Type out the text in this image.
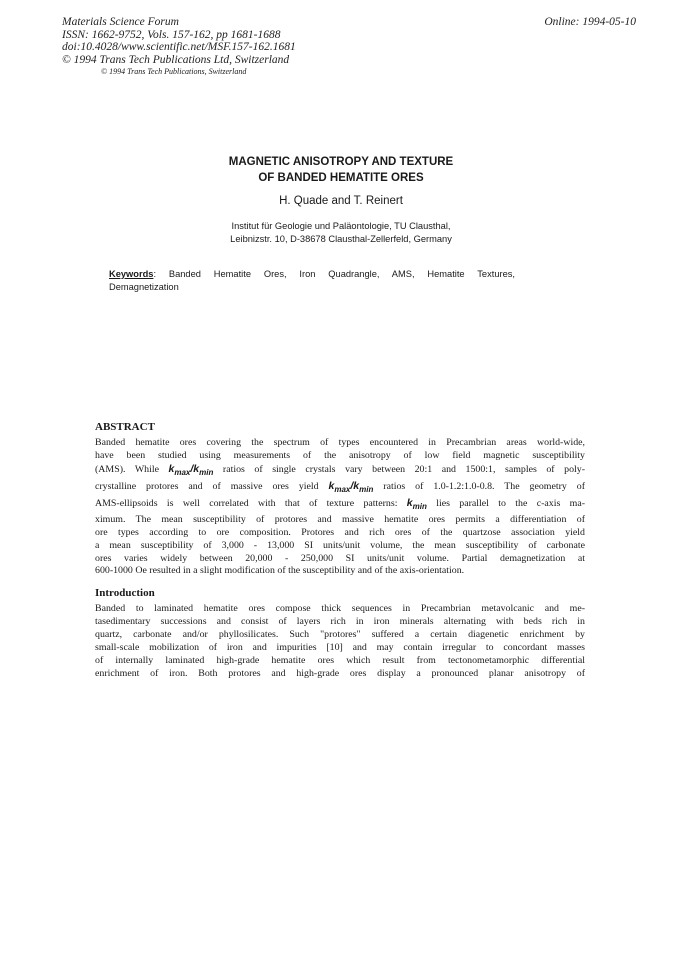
Materials Science Forum
ISSN: 1662-9752, Vols. 157-162, pp 1681-1688
doi:10.4028/www.scientific.net/MSF.157-162.1681
© 1994 Trans Tech Publications Ltd, Switzerland
Online: 1994-05-10
© 1994 Trans Tech Publications, Switzerland
MAGNETIC ANISOTROPY AND TEXTURE
OF BANDED HEMATITE ORES
H. Quade and T. Reinert
Institut für Geologie und Paläontologie, TU Clausthal,
Leibnizstr. 10, D-38678 Clausthal-Zellerfeld, Germany
Keywords: Banded Hematite Ores, Iron Quadrangle, AMS, Hematite Textures,
Demagnetization
ABSTRACT
Banded hematite ores covering the spectrum of types encountered in Precambrian areas world-wide,
have been studied using measurements of the anisotropy of low field magnetic susceptibility
(AMS). While $k_{max}/k_{min}$ ratios of single crystals vary between 20:1 and 1500:1, samples of poly-
crystalline protores and of massive ores yield $k_{max}/k_{min}$ ratios of 1.0-1.2:1.0-0.8. The geometry of
AMS-ellipsoids is well correlated with that of texture patterns: $k_{min}$ lies parallel to the c-axis ma-
ximum. The mean susceptibility of protores and massive hematite ores permits a differentiation of
ore types according to ore composition. Protores and rich ores of the quartzose association yield
a mean susceptibility of 3,000 - 13,000 SI units/unit volume, the mean susceptibility of carbonate
ores varies widely between 20,000 - 250,000 SI units/unit volume. Partial demagnetization at
600-1000 Oe resulted in a slight modification of the susceptibility and of the axis-orientation.
Introduction
Banded to laminated hematite ores compose thick sequences in Precambrian metavolcanic and me-
tasedimentary successions and consist of layers rich in iron minerals alternating with beds rich in
quartz, carbonate and/or phyllosilicates. Such "protores" suffered a certain diagenetic enrichment by
small-scale mobilization of iron and impurities [10] and may contain irregular to concordant masses
of internally laminated high-grade hematite ores which result from tectonometamorphic differential
enrichment of iron. Both protores and high-grade ores display a pronounced planar anisotropy of
